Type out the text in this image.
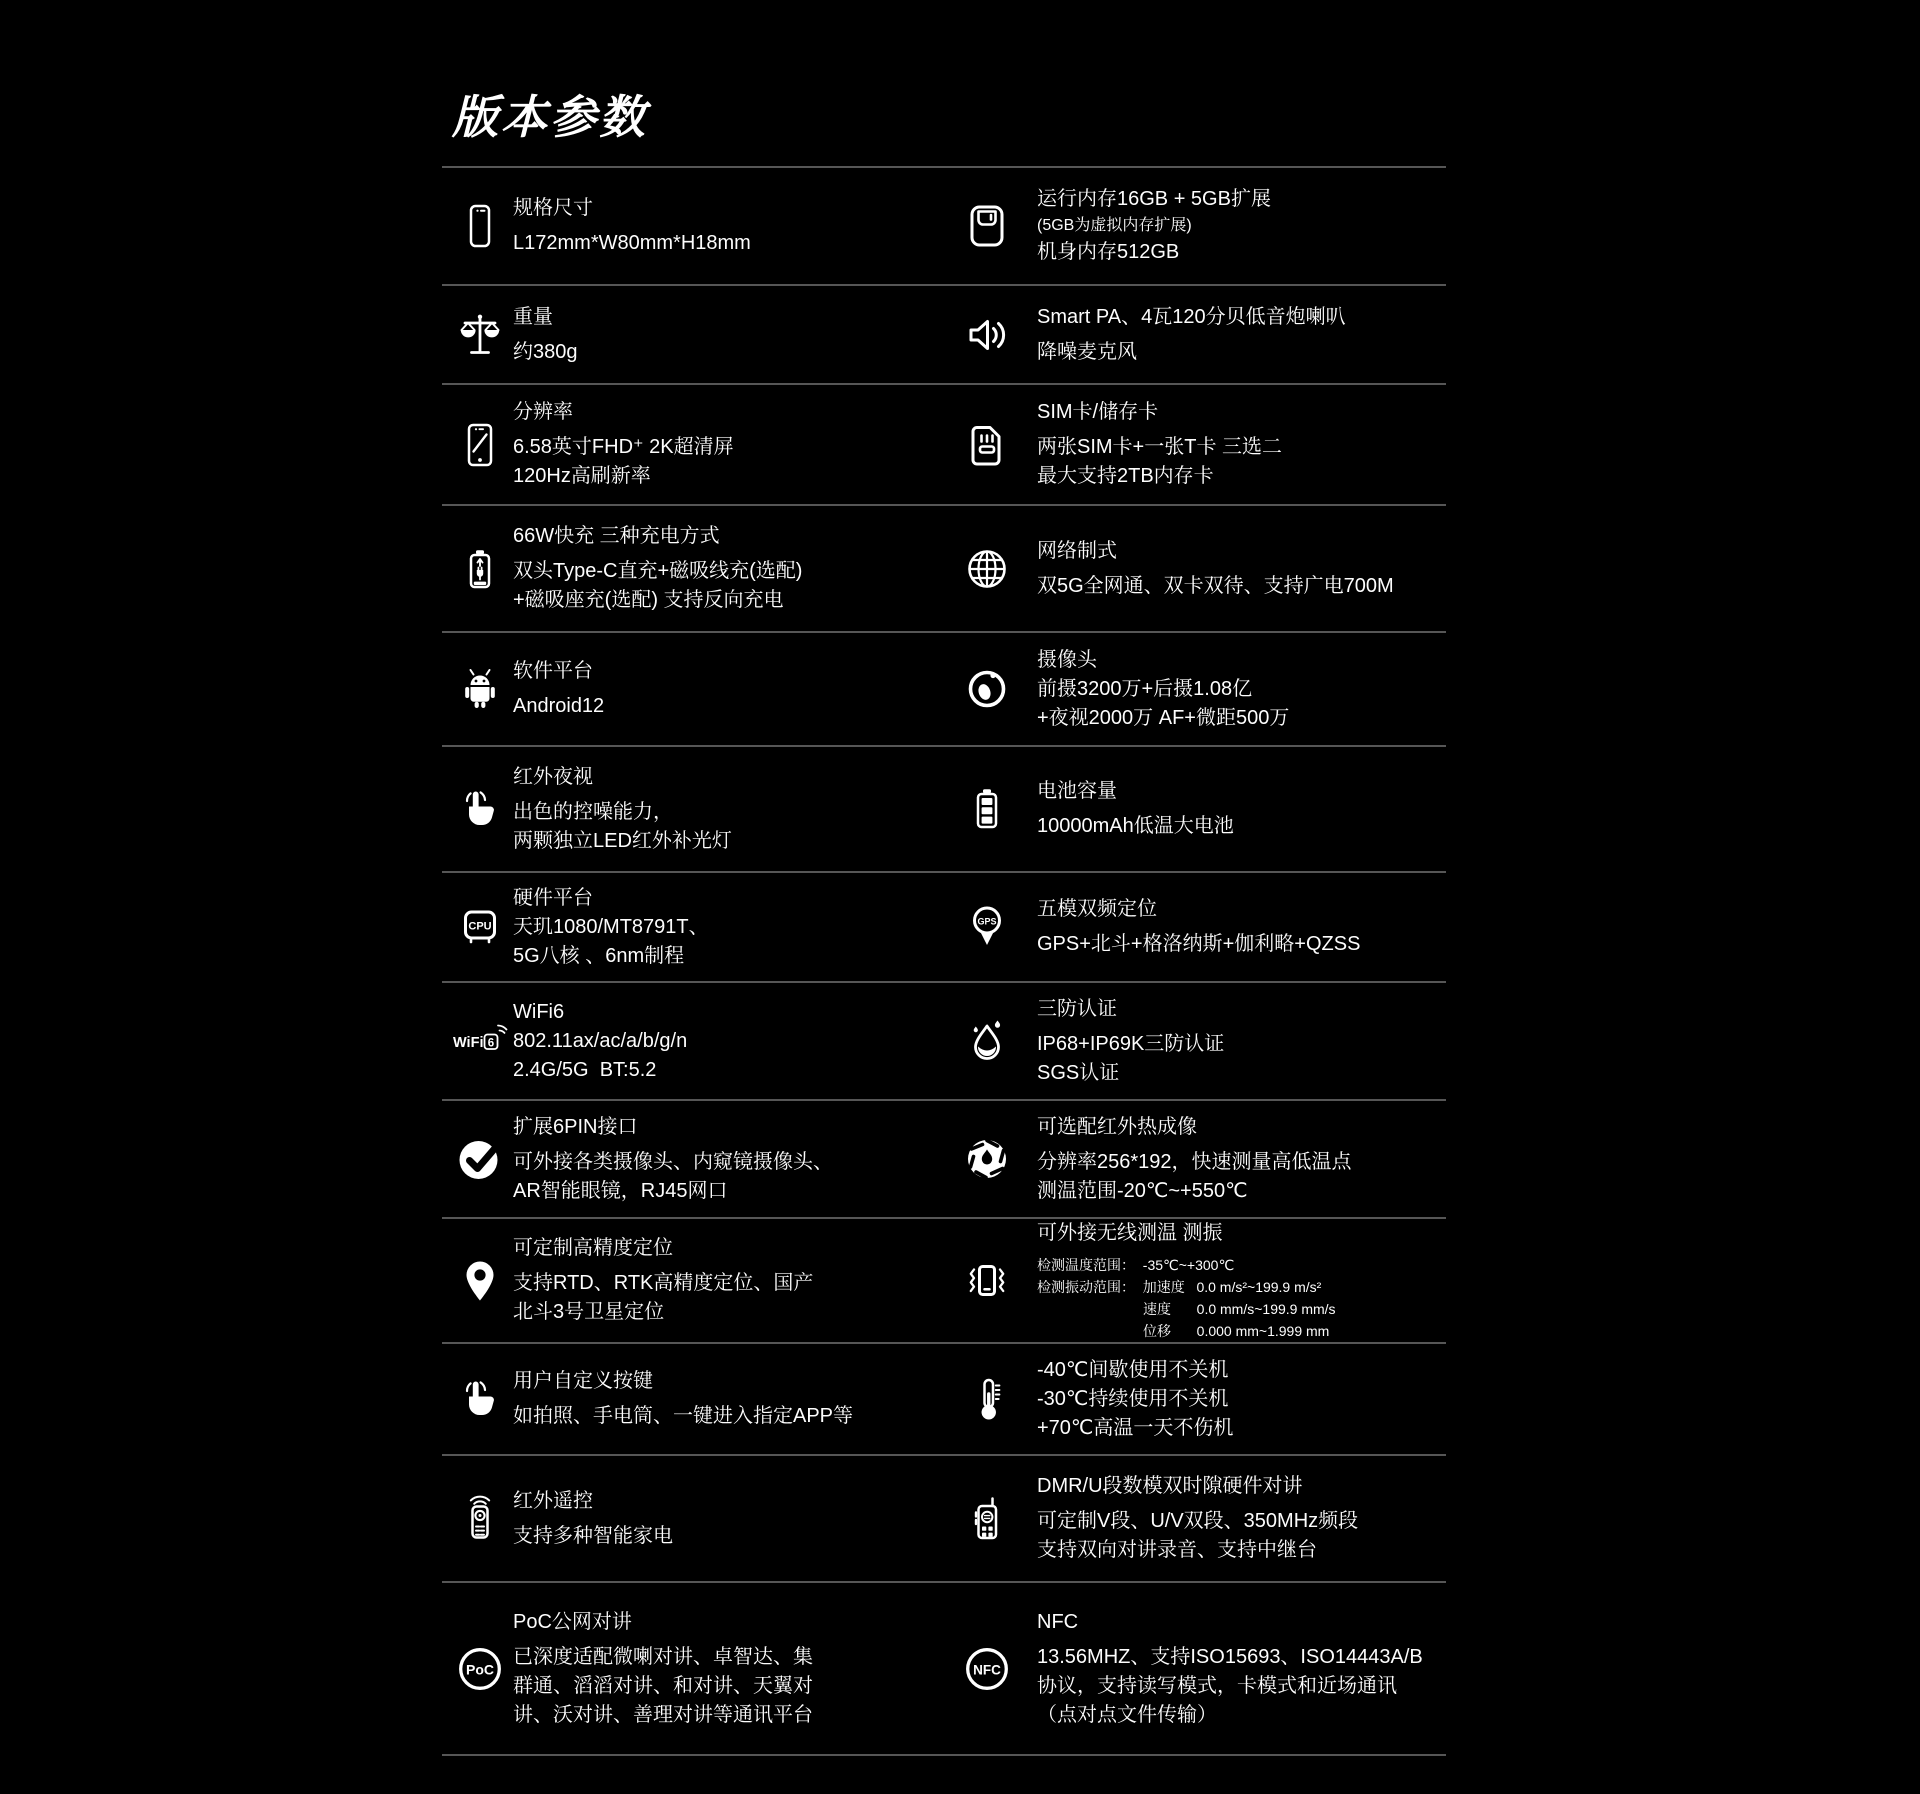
版本参数
规格尺寸
L172mm*W80mm*H18mm
运行内存16GB + 5GB扩展
(5GB为虚拟内存扩展)
机身内存512GB
重量
约380g
Smart PA、4瓦120分贝低音炮喇叭
降噪麦克风
分辨率
6.58英寸FHD⁺ 2K超清屏
120Hz高刷新率
SIM卡/储存卡
两张SIM卡+一张T卡 三选二
最大支持2TB内存卡
66W快充 三种充电方式
双头Type-C直充+磁吸线充(选配)
+磁吸座充(选配) 支持反向充电
网络制式
双5G全网通、双卡双待、支持广电700M
软件平台
Android12
摄像头
前摄3200万+后摄1.08亿
+夜视2000万 AF+微距500万
红外夜视
出色的控噪能力，
两颗独立LED红外补光灯
电池容量
10000mAh低温大电池
CPU
硬件平台
天玑1080/MT8791T、
5G八核 、6nm制程
GPS
五模双频定位
GPS+北斗+格洛纳斯+伽利略+QZSS
WiFi 6
WiFi6
802.11ax/ac/a/b/g/n
2.4G/5G  BT:5.2
三防认证
IP68+IP69K三防认证
SGS认证
扩展6PIN接口
可外接各类摄像头、内窥镜摄像头、
AR智能眼镜，RJ45网口
可选配红外热成像
分辨率256*192，快速测量高低温点
测温范围-20℃~+550℃
可定制高精度定位
支持RTD、RTK高精度定位、国产
北斗3号卫星定位
可外接无线测温 测振
检测温度范围：  -35℃~+300℃
检测振动范围：  加速度   0.0 m/s²~199.9 m/s²
速度　   0.0 mm/s~199.9 mm/s
位移　   0.000 mm~1.999 mm
用户自定义按键
如拍照、手电筒、一键进入指定APP等
-40℃间歇使用不关机
-30℃持续使用不关机
+70℃高温一天不伤机
红外遥控
支持多种智能家电
DMR/U段数模双时隙硬件对讲
可定制V段、U/V双段、350MHz频段
支持双向对讲录音、支持中继台
PoC
PoC公网对讲
已深度适配微喇对讲、卓智达、集
群通、滔滔对讲、和对讲、天翼对
讲、沃对讲、善理对讲等通讯平台
NFC
NFC
13.56MHZ、支持ISO15693、ISO14443A/B
协议，支持读写模式，卡模式和近场通讯
（点对点文件传输）
